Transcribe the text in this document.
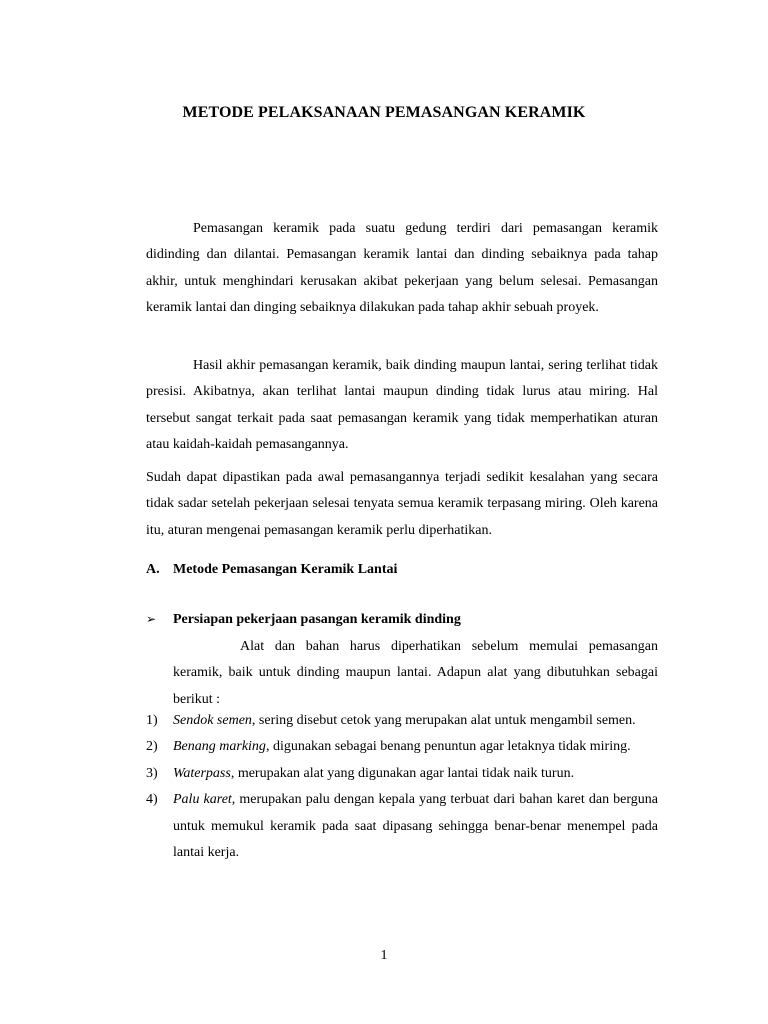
METODE PELAKSANAAN PEMASANGAN KERAMIK

Pemasangan keramik pada suatu gedung terdiri dari pemasangan keramik didinding dan dilantai. Pemasangan keramik lantai dan dinding sebaiknya pada tahap akhir, untuk menghindari kerusakan akibat pekerjaan yang belum selesai. Pemasangan keramik lantai dan dinging sebaiknya dilakukan pada tahap akhir sebuah proyek.

Hasil akhir pemasangan keramik, baik dinding maupun lantai, sering terlihat tidak presisi. Akibatnya, akan terlihat lantai maupun dinding tidak lurus atau miring. Hal tersebut sangat terkait pada saat pemasangan keramik yang tidak memperhatikan aturan atau kaidah-kaidah pemasangannya.

Sudah dapat dipastikan pada awal pemasangannya terjadi sedikit kesalahan yang secara tidak sadar setelah pekerjaan selesai tenyata semua keramik terpasang miring. Oleh karena itu, aturan mengenai pemasangan keramik perlu diperhatikan.

A. Metode Pemasangan Keramik Lantai
➢ Persiapan pekerjaan pasangan keramik dinding

Alat dan bahan harus diperhatikan sebelum memulai pemasangan keramik, baik untuk dinding maupun lantai. Adapun alat yang dibutuhkan sebagai berikut :

1)	Sendok semen, sering disebut cetok yang merupakan alat untuk mengambil semen.
2)	Benang marking, digunakan sebagai benang penuntun agar letaknya tidak miring.
3)	Waterpass, merupakan alat yang digunakan agar lantai tidak naik turun.
4)	Palu karet, merupakan palu dengan kepala yang terbuat dari bahan karet dan berguna untuk memukul keramik pada saat dipasang sehingga benar-benar menempel pada lantai kerja.
1
